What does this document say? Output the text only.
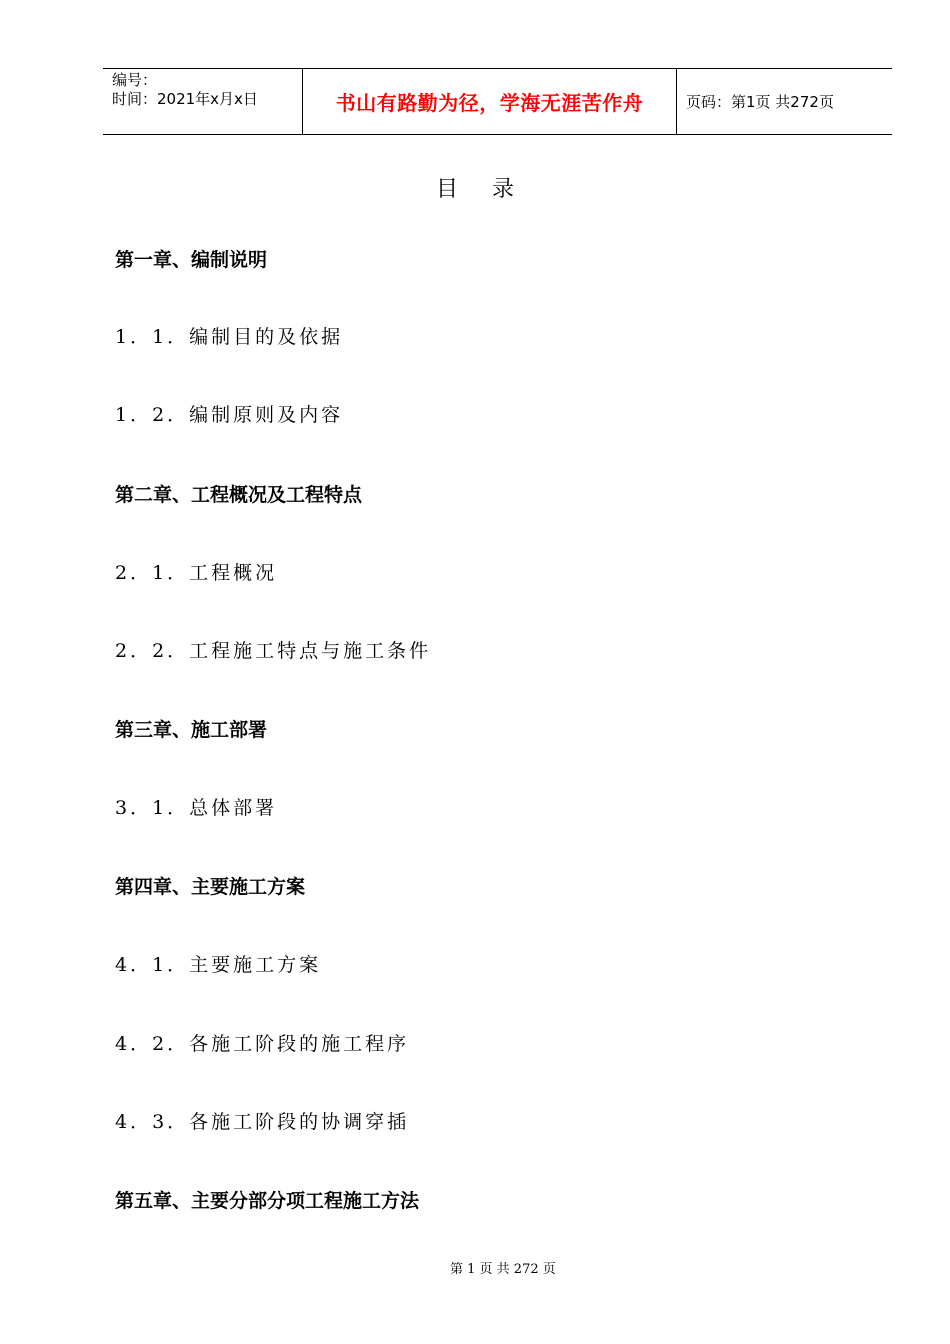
编号：
时间：2021年x月x日	书山有路勤为径，学海无涯苦作舟	页码：第1页 共272页
目录
第一章、编制说明
1．1．编制目的及依据
1．2．编制原则及内容
第二章、工程概况及工程特点
2．1．工程概况
2．2．工程施工特点与施工条件
第三章、施工部署
3．1．总体部署
第四章、主要施工方案
4．1．主要施工方案
4．2．各施工阶段的施工程序
4．3．各施工阶段的协调穿插
第五章、主要分部分项工程施工方法
第 1 页 共 272 页
